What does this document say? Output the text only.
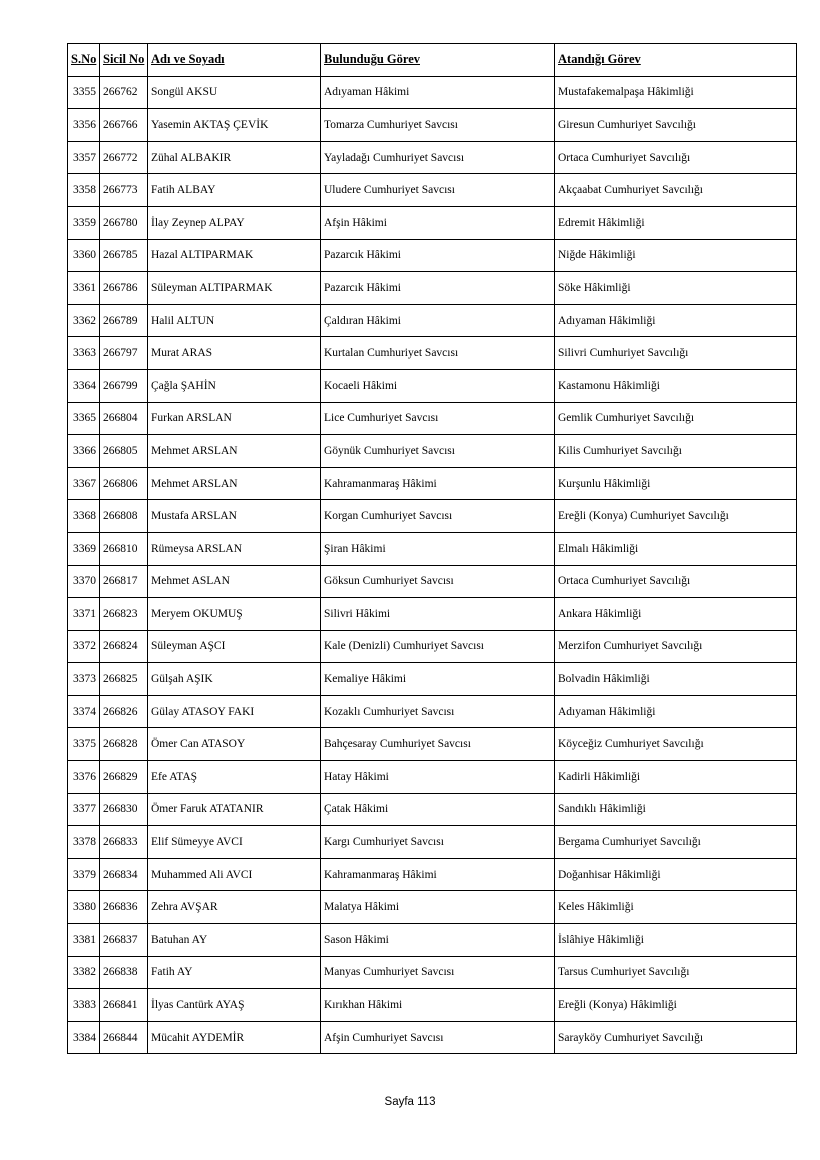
S.No	Sicil No	Adı ve Soyadı	Bulunduğu Görev	Atandığı Görev
3355	266762	Songül AKSU	Adıyaman Hâkimi	Mustafakemalpaşa Hâkimliği
3356	266766	Yasemin AKTAŞ ÇEVİK	Tomarza Cumhuriyet Savcısı	Giresun Cumhuriyet Savcılığı
3357	266772	Zühal ALBAKIR	Yayladağı Cumhuriyet Savcısı	Ortaca Cumhuriyet Savcılığı
3358	266773	Fatih ALBAY	Uludere Cumhuriyet Savcısı	Akçaabat Cumhuriyet Savcılığı
3359	266780	İlay Zeynep ALPAY	Afşin Hâkimi	Edremit Hâkimliği
3360	266785	Hazal ALTIPARMAK	Pazarcık Hâkimi	Niğde Hâkimliği
3361	266786	Süleyman ALTIPARMAK	Pazarcık Hâkimi	Söke Hâkimliği
3362	266789	Halil ALTUN	Çaldıran Hâkimi	Adıyaman Hâkimliği
3363	266797	Murat ARAS	Kurtalan Cumhuriyet Savcısı	Silivri Cumhuriyet Savcılığı
3364	266799	Çağla ŞAHİN	Kocaeli Hâkimi	Kastamonu Hâkimliği
3365	266804	Furkan ARSLAN	Lice Cumhuriyet Savcısı	Gemlik Cumhuriyet Savcılığı
3366	266805	Mehmet ARSLAN	Göynük Cumhuriyet Savcısı	Kilis Cumhuriyet Savcılığı
3367	266806	Mehmet ARSLAN	Kahramanmaraş Hâkimi	Kurşunlu Hâkimliği
3368	266808	Mustafa ARSLAN	Korgan Cumhuriyet Savcısı	Ereğli (Konya) Cumhuriyet Savcılığı
3369	266810	Rümeysa ARSLAN	Şiran Hâkimi	Elmalı Hâkimliği
3370	266817	Mehmet ASLAN	Göksun Cumhuriyet Savcısı	Ortaca Cumhuriyet Savcılığı
3371	266823	Meryem OKUMUŞ	Silivri Hâkimi	Ankara Hâkimliği
3372	266824	Süleyman AŞCI	Kale (Denizli) Cumhuriyet Savcısı	Merzifon Cumhuriyet Savcılığı
3373	266825	Gülşah AŞIK	Kemaliye Hâkimi	Bolvadin Hâkimliği
3374	266826	Gülay ATASOY FAKI	Kozaklı Cumhuriyet Savcısı	Adıyaman Hâkimliği
3375	266828	Ömer Can ATASOY	Bahçesaray Cumhuriyet Savcısı	Köyceğiz Cumhuriyet Savcılığı
3376	266829	Efe ATAŞ	Hatay Hâkimi	Kadirli Hâkimliği
3377	266830	Ömer Faruk ATATANIR	Çatak Hâkimi	Sandıklı Hâkimliği
3378	266833	Elif Sümeyye AVCI	Kargı Cumhuriyet Savcısı	Bergama Cumhuriyet Savcılığı
3379	266834	Muhammed Ali AVCI	Kahramanmaraş Hâkimi	Doğanhisar Hâkimliği
3380	266836	Zehra AVŞAR	Malatya Hâkimi	Keles Hâkimliği
3381	266837	Batuhan AY	Sason Hâkimi	İslâhiye Hâkimliği
3382	266838	Fatih AY	Manyas Cumhuriyet Savcısı	Tarsus Cumhuriyet Savcılığı
3383	266841	İlyas Cantürk AYAŞ	Kırıkhan Hâkimi	Ereğli (Konya) Hâkimliği
3384	266844	Mücahit AYDEMİR	Afşin Cumhuriyet Savcısı	Sarayköy Cumhuriyet Savcılığı
Sayfa 113
